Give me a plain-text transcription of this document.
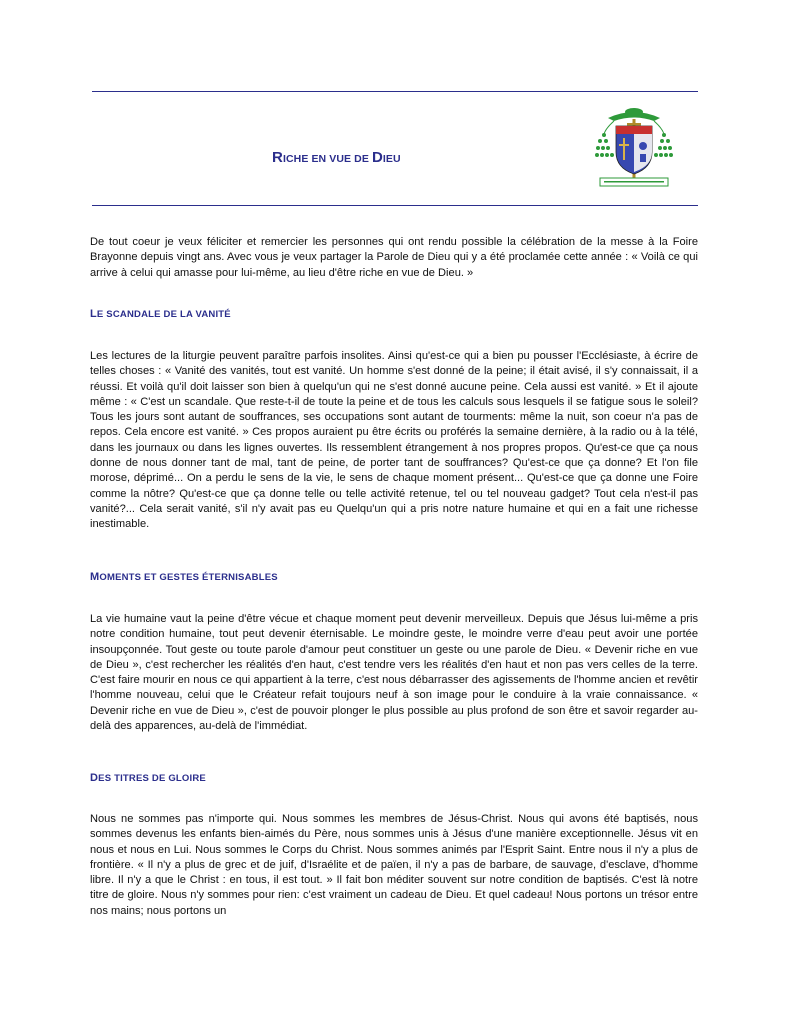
RICHE EN VUE DE DIEU

De tout coeur je veux féliciter et remercier les personnes qui ont rendu possible la célébration de la messe à la Foire Brayonne depuis vingt ans. Avec vous je veux partager la Parole de Dieu qui y a été proclamée cette année : « Voilà ce qui arrive à celui qui amasse pour lui-même, au lieu d'être riche en vue de Dieu. »

LE SCANDALE DE LA VANITÉ

Les lectures de la liturgie peuvent paraître parfois insolites. Ainsi qu'est-ce qui a bien pu pousser l'Ecclésiaste, à écrire de telles choses : « Vanité des vanités, tout est vanité. Un homme s'est donné de la peine; il était avisé, il s'y connaissait, il a réussi. Et voilà qu'il doit laisser son bien à quelqu'un qui ne s'est donné aucune peine. Cela aussi est vanité. » Et il ajoute même : « C'est un scandale. Que reste-t-il de toute la peine et de tous les calculs sous lesquels il se fatigue sous le soleil? Tous les jours sont autant de souffrances, ses occupations sont autant de tourments: même la nuit, son coeur n'a pas de repos. Cela encore est vanité. » Ces propos auraient pu être écrits ou proférés la semaine dernière, à la radio ou à la télé, dans les journaux ou dans les lignes ouvertes. Ils ressemblent étrangement à nos propres propos. Qu'est-ce que ça nous donne de nous donner tant de mal, tant de peine, de porter tant de souffrances? Qu'est-ce que ça donne? Et l'on file morose, déprimé... On a perdu le sens de la vie, le sens de chaque moment présent... Qu'est-ce que ça donne une Foire comme la nôtre? Qu'est-ce que ça donne telle ou telle activité retenue, tel ou tel nouveau gadget? Tout cela n'est-il pas vanité?... Cela serait vanité, s'il n'y avait pas eu Quelqu'un qui a pris notre nature humaine et qui en a fait une richesse inestimable.

MOMENTS ET GESTES ÉTERNISABLES

La vie humaine vaut la peine d'être vécue et chaque moment peut devenir merveilleux. Depuis que Jésus lui-même a pris notre condition humaine, tout peut devenir éternisable. Le moindre geste, le moindre verre d'eau peut avoir une portée insoupçonnée. Tout geste ou toute parole d'amour peut constituer un geste ou une parole de Dieu. « Devenir riche en vue de Dieu », c'est rechercher les réalités d'en haut, c'est tendre vers les réalités d'en haut et non pas vers celles de la terre. C'est faire mourir en nous ce qui appartient à la terre, c'est nous débarrasser des agissements de l'homme ancien et revêtir l'homme nouveau, celui que le Créateur refait toujours neuf à son image pour le conduire à la vraie connaissance. « Devenir riche en vue de Dieu », c'est de pouvoir plonger le plus possible au plus profond de son être et savoir regarder au-delà des apparences, au-delà de l'immédiat.

DES TITRES DE GLOIRE

Nous ne sommes pas n'importe qui. Nous sommes les membres de Jésus-Christ. Nous qui avons été baptisés, nous sommes devenus les enfants bien-aimés du Père, nous sommes unis à Jésus d'une manière exceptionnelle. Jésus vit en nous et nous en Lui. Nous sommes le Corps du Christ. Nous sommes animés par l'Esprit Saint. Entre nous il n'y a plus de frontière. « Il n'y a plus de grec et de juif, d'Israélite et de païen, il n'y a pas de barbare, de sauvage, d'esclave, d'homme libre. Il n'y a que le Christ : en tous, il est tout. » Il fait bon méditer souvent sur notre condition de baptisés. C'est là notre titre de gloire. Nous n'y sommes pour rien: c'est vraiment un cadeau de Dieu. Et quel cadeau! Nous portons un trésor entre nos mains; nous portons un
